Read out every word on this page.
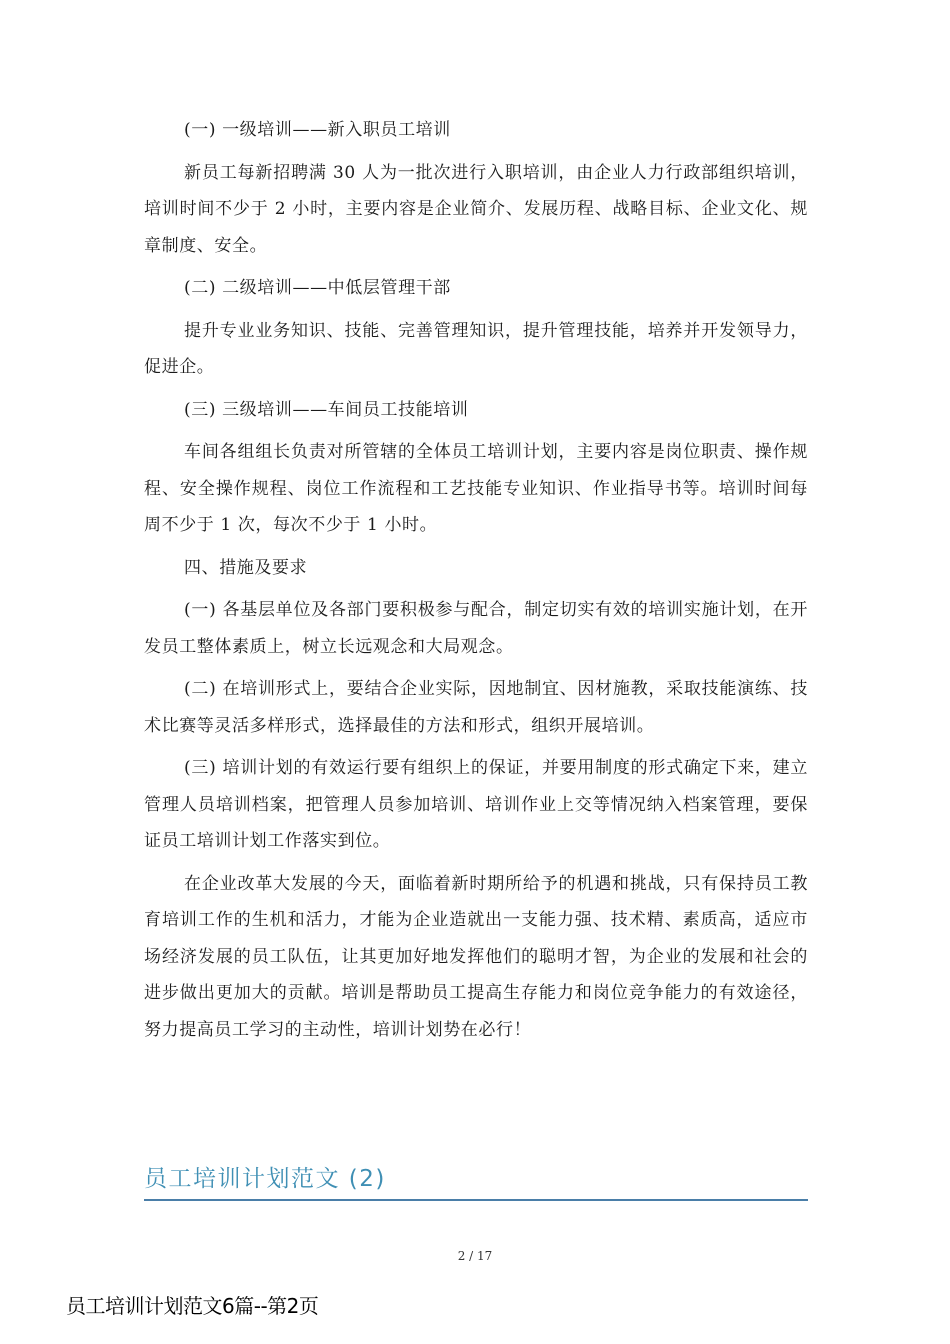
(一) 一级培训——新入职员工培训

新员工每新招聘满 30 人为一批次进行入职培训，由企业人力行政部组织培训，培训时间不少于 2 小时，主要内容是企业简介、发展历程、战略目标、企业文化、规章制度、安全。

(二) 二级培训——中低层管理干部

提升专业业务知识、技能、完善管理知识，提升管理技能，培养并开发领导力，促进企。

(三) 三级培训——车间员工技能培训

车间各组组长负责对所管辖的全体员工培训计划，主要内容是岗位职责、操作规程、安全操作规程、岗位工作流程和工艺技能专业知识、作业指导书等。培训时间每周不少于 1 次，每次不少于 1 小时。

四、措施及要求

(一) 各基层单位及各部门要积极参与配合，制定切实有效的培训实施计划，在开发员工整体素质上，树立长远观念和大局观念。

(二) 在培训形式上，要结合企业实际，因地制宜、因材施教，采取技能演练、技术比赛等灵活多样形式，选择最佳的方法和形式，组织开展培训。

(三) 培训计划的有效运行要有组织上的保证，并要用制度的形式确定下来，建立管理人员培训档案，把管理人员参加培训、培训作业上交等情况纳入档案管理，要保证员工培训计划工作落实到位。

在企业改革大发展的今天，面临着新时期所给予的机遇和挑战，只有保持员工教育培训工作的生机和活力，才能为企业造就出一支能力强、技术精、素质高，适应市场经济发展的员工队伍，让其更加好地发挥他们的聪明才智，为企业的发展和社会的进步做出更加大的贡献。培训是帮助员工提高生存能力和岗位竞争能力的有效途径，努力提高员工学习的主动性，培训计划势在必行！

员工培训计划范文 (2)
2 / 17
员工培训计划范文6篇--第2页
